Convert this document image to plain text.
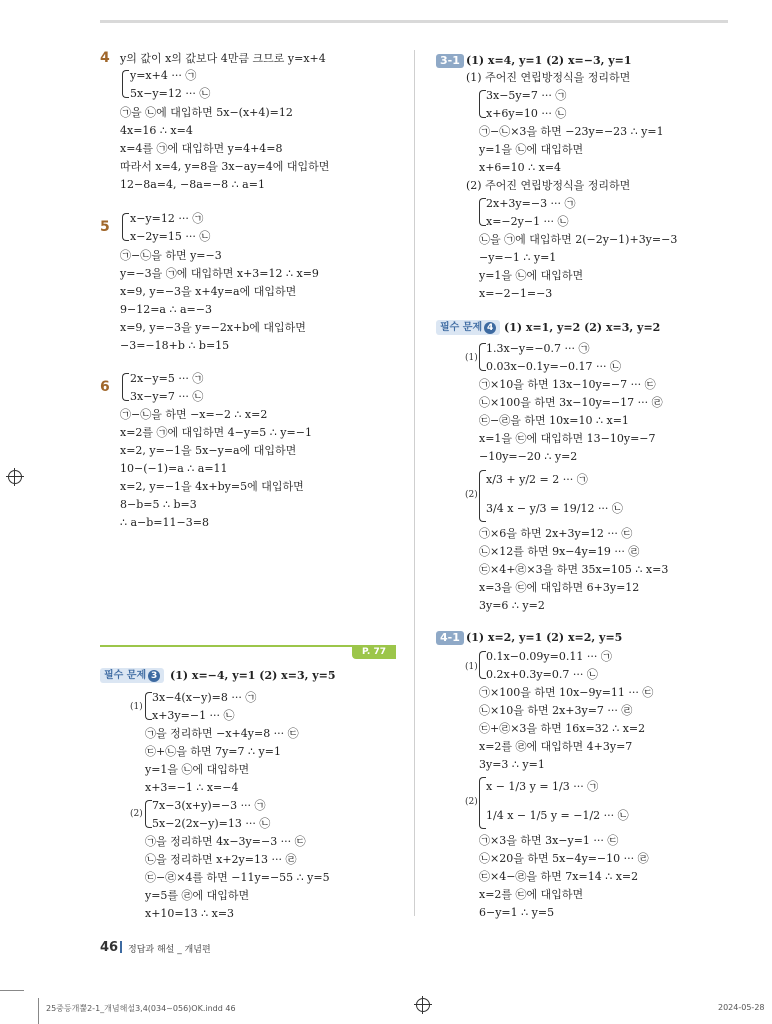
4 y의 값이 x의 값보다 4만큼 크므로 y=x+4
y=x+4 ··· ㉠
5x−y=12 ··· ㉡
㉠을 ㉡에 대입하면 5x−(x+4)=12
4x=16 ∴ x=4
x=4를 ㉠에 대입하면 y=4+4=8
따라서 x=4, y=8을 3x−ay=4에 대입하면
12−8a=4, −8a=−8 ∴ a=1
5
x−y=12 ··· ㉠
x−2y=15 ··· ㉡
㉠−㉡을 하면 y=−3
y=−3을 ㉠에 대입하면 x+3=12 ∴ x=9
x=9, y=−3을 x+4y=a에 대입하면
9−12=a ∴ a=−3
x=9, y=−3을 y=−2x+b에 대입하면
−3=−18+b ∴ b=15
6
2x−y=5 ··· ㉠
3x−y=7 ··· ㉡
㉠−㉡을 하면 −x=−2 ∴ x=2
x=2를 ㉠에 대입하면 4−y=5 ∴ y=−1
x=2, y=−1을 5x−y=a에 대입하면
10−(−1)=a ∴ a=11
x=2, y=−1을 4x+by=5에 대입하면
8−b=5 ∴ b=3
∴ a−b=11−3=8
P. 77
필수 문제 3	(1) x=−4, y=1 (2) x=3, y=5
(1)
3x−4(x−y)=8 ··· ㉠
x+3y=−1 ··· ㉡
㉠을 정리하면 −x+4y=8 ··· ㉢
㉢+㉡을 하면 7y=7 ∴ y=1
y=1을 ㉡에 대입하면
x+3=−1 ∴ x=−4
(2)
7x−3(x+y)=−3 ··· ㉠
5x−2(2x−y)=13 ··· ㉡
㉠을 정리하면 4x−3y=−3 ··· ㉢
㉡을 정리하면 x+2y=13 ··· ㉣
㉢−㉣×4를 하면 −11y=−55 ∴ y=5
y=5를 ㉣에 대입하면
x+10=13 ∴ x=3
3-1 (1) x=4, y=1 (2) x=−3, y=1
(1) 주어진 연립방정식을 정리하면
3x−5y=7 ··· ㉠
x+6y=10 ··· ㉡
㉠−㉡×3을 하면 −23y=−23 ∴ y=1
y=1을 ㉡에 대입하면
x+6=10 ∴ x=4
(2) 주어진 연립방정식을 정리하면
2x+3y=−3 ··· ㉠
x=−2y−1 ··· ㉡
㉡을 ㉠에 대입하면 2(−2y−1)+3y=−3
−y=−1 ∴ y=1
y=1을 ㉡에 대입하면
x=−2−1=−3
필수 문제 4 (1) x=1, y=2 (2) x=3, y=2
(1)
1.3x−y=−0.7 ··· ㉠
0.03x−0.1y=−0.17 ··· ㉡
㉠×10을 하면 13x−10y=−7 ··· ㉢
㉡×100을 하면 3x−10y=−17 ··· ㉣
㉢−㉣을 하면 10x=10 ∴ x=1
x=1을 ㉢에 대입하면 13−10y=−7
−10y=−20 ∴ y=2
(2)
x/3 + y/2 = 2 ··· ㉠
3/4 x − y/3 = 19/12 ··· ㉡
㉠×6을 하면 2x+3y=12 ··· ㉢
㉡×12를 하면 9x−4y=19 ··· ㉣
㉢×4+㉣×3을 하면 35x=105 ∴ x=3
x=3을 ㉢에 대입하면 6+3y=12
3y=6 ∴ y=2
4-1 (1) x=2, y=1 (2) x=2, y=5
(1)
0.1x−0.09y=0.11 ··· ㉠
0.2x+0.3y=0.7 ··· ㉡
㉠×100을 하면 10x−9y=11 ··· ㉢
㉡×10을 하면 2x+3y=7 ··· ㉣
㉢+㉣×3을 하면 16x=32 ∴ x=2
x=2를 ㉣에 대입하면 4+3y=7
3y=3 ∴ y=1
(2)
x − 1/3 y = 1/3 ··· ㉠
1/4 x − 1/5 y = −1/2 ··· ㉡
㉠×3을 하면 3x−y=1 ··· ㉢
㉡×20을 하면 5x−4y=−10 ··· ㉣
㉢×4−㉣을 하면 7x=14 ∴ x=2
x=2를 ㉢에 대입하면
6−y=1 ∴ y=5
46 정답과 해설 _ 개념편
25중등개뿔2-1_개념해설3,4(034~056)OK.indd 46	2024-05-28
